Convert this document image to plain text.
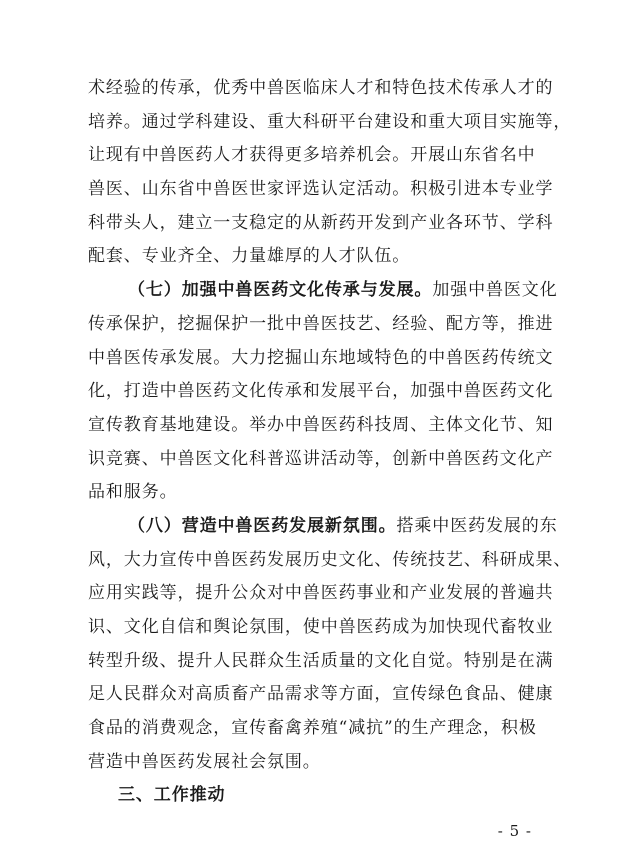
术经验的传承，优秀中兽医临床人才和特色技术传承人才的
培养。通过学科建设、重大科研平台建设和重大项目实施等，
让现有中兽医药人才获得更多培养机会。开展山东省名中
兽医、山东省中兽医世家评选认定活动。积极引进本专业学
科带头人，建立一支稳定的从新药开发到产业各环节、学科
配套、专业齐全、力量雄厚的人才队伍。
（七）加强中兽医药文化传承与发展。加强中兽医文化
传承保护，挖掘保护一批中兽医技艺、经验、配方等，推进
中兽医传承发展。大力挖掘山东地域特色的中兽医药传统文
化，打造中兽医药文化传承和发展平台，加强中兽医药文化
宣传教育基地建设。举办中兽医药科技周、主体文化节、知
识竞赛、中兽医文化科普巡讲活动等，创新中兽医药文化产
品和服务。
（八）营造中兽医药发展新氛围。搭乘中医药发展的东
风，大力宣传中兽医药发展历史文化、传统技艺、科研成果、
应用实践等，提升公众对中兽医药事业和产业发展的普遍共
识、文化自信和舆论氛围，使中兽医药成为加快现代畜牧业
转型升级、提升人民群众生活质量的文化自觉。特别是在满
足人民群众对高质畜产品需求等方面，宣传绿色食品、健康
食品的消费观念，宣传畜禽养殖“减抗”的生产理念，积极
营造中兽医药发展社会氛围。
三、工作推动
- 5 -
